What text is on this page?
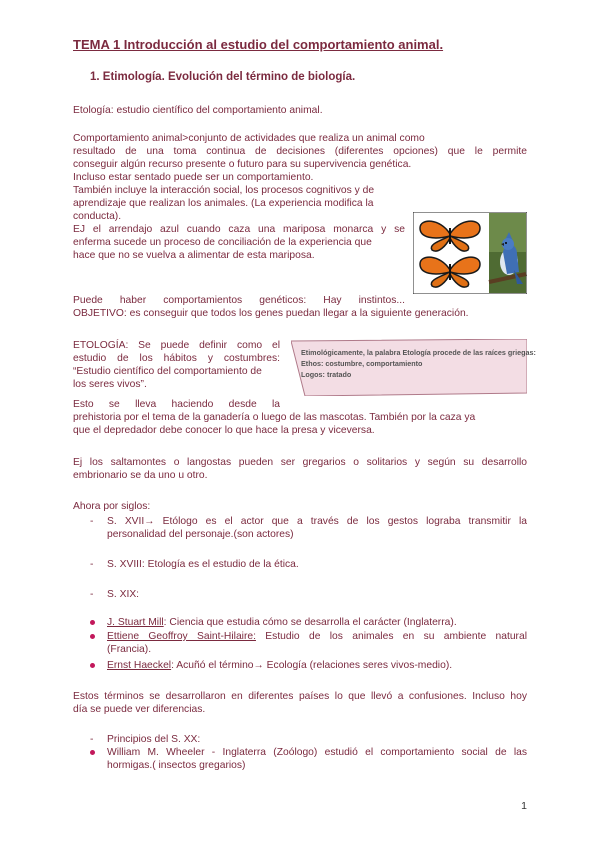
TEMA 1 Introducción al estudio del comportamiento animal.
1. Etimología. Evolución del término de biología.
Etología: estudio científico del comportamiento animal.
Comportamiento animal>conjunto de actividades que realiza un animal como
resultado de una toma continua de decisiones (diferentes opciones) que le permite
conseguir algún recurso presente o futuro para su supervivencia genética.
Incluso estar sentado puede ser un comportamiento.
También incluye la interacción social, los procesos cognitivos y de
aprendizaje que realizan los animales. (La experiencia modifica la
conducta).
EJ el arrendajo azul cuando caza una mariposa monarca y se
enferma sucede un proceso de conciliación de la experiencia que
hace que no se vuelva a alimentar de esta mariposa.
Puede haber comportamientos genéticos: Hay instintos...
OBJETIVO: es conseguir que todos los genes puedan llegar a la siguiente generación.
ETOLOGÍA: Se puede definir como el
estudio de los hábitos y costumbres:
“Estudio científico del comportamiento de
los seres vivos”.
Esto se lleva haciendo desde la
prehistoria por el tema de la ganadería o luego de las mascotas. También por la caza ya
que el depredador debe conocer lo que hace la presa y viceversa.
Etimológicamente, la palabra Etología procede de las raíces griegas:
Ethos: costumbre, comportamiento
Logos: tratado
Ej los saltamontes o langostas pueden ser gregarios o solitarios y según su desarrollo
embrionario se da uno u otro.
Ahora por siglos:
- S. XVII→ Etólogo es el actor que a través de los gestos lograba transmitir la
personalidad del personaje.(son actores)
- S. XVIII: Etología es el estudio de la ética.
- S. XIX:
J. Stuart Mill: Ciencia que estudia cómo se desarrolla el carácter (Inglaterra).
Ettiene Geoffroy Saint-Hilaire: Estudio de los animales en su ambiente natural
(Francia).
Ernst Haeckel: Acuñó el término→ Ecología (relaciones seres vivos-medio).
Estos términos se desarrollaron en diferentes países lo que llevó a confusiones. Incluso hoy
día se puede ver diferencias.
- Principios del S. XX:
William M. Wheeler - Inglaterra (Zoólogo) estudió el comportamiento social de las
hormigas.( insectos gregarios)
1
